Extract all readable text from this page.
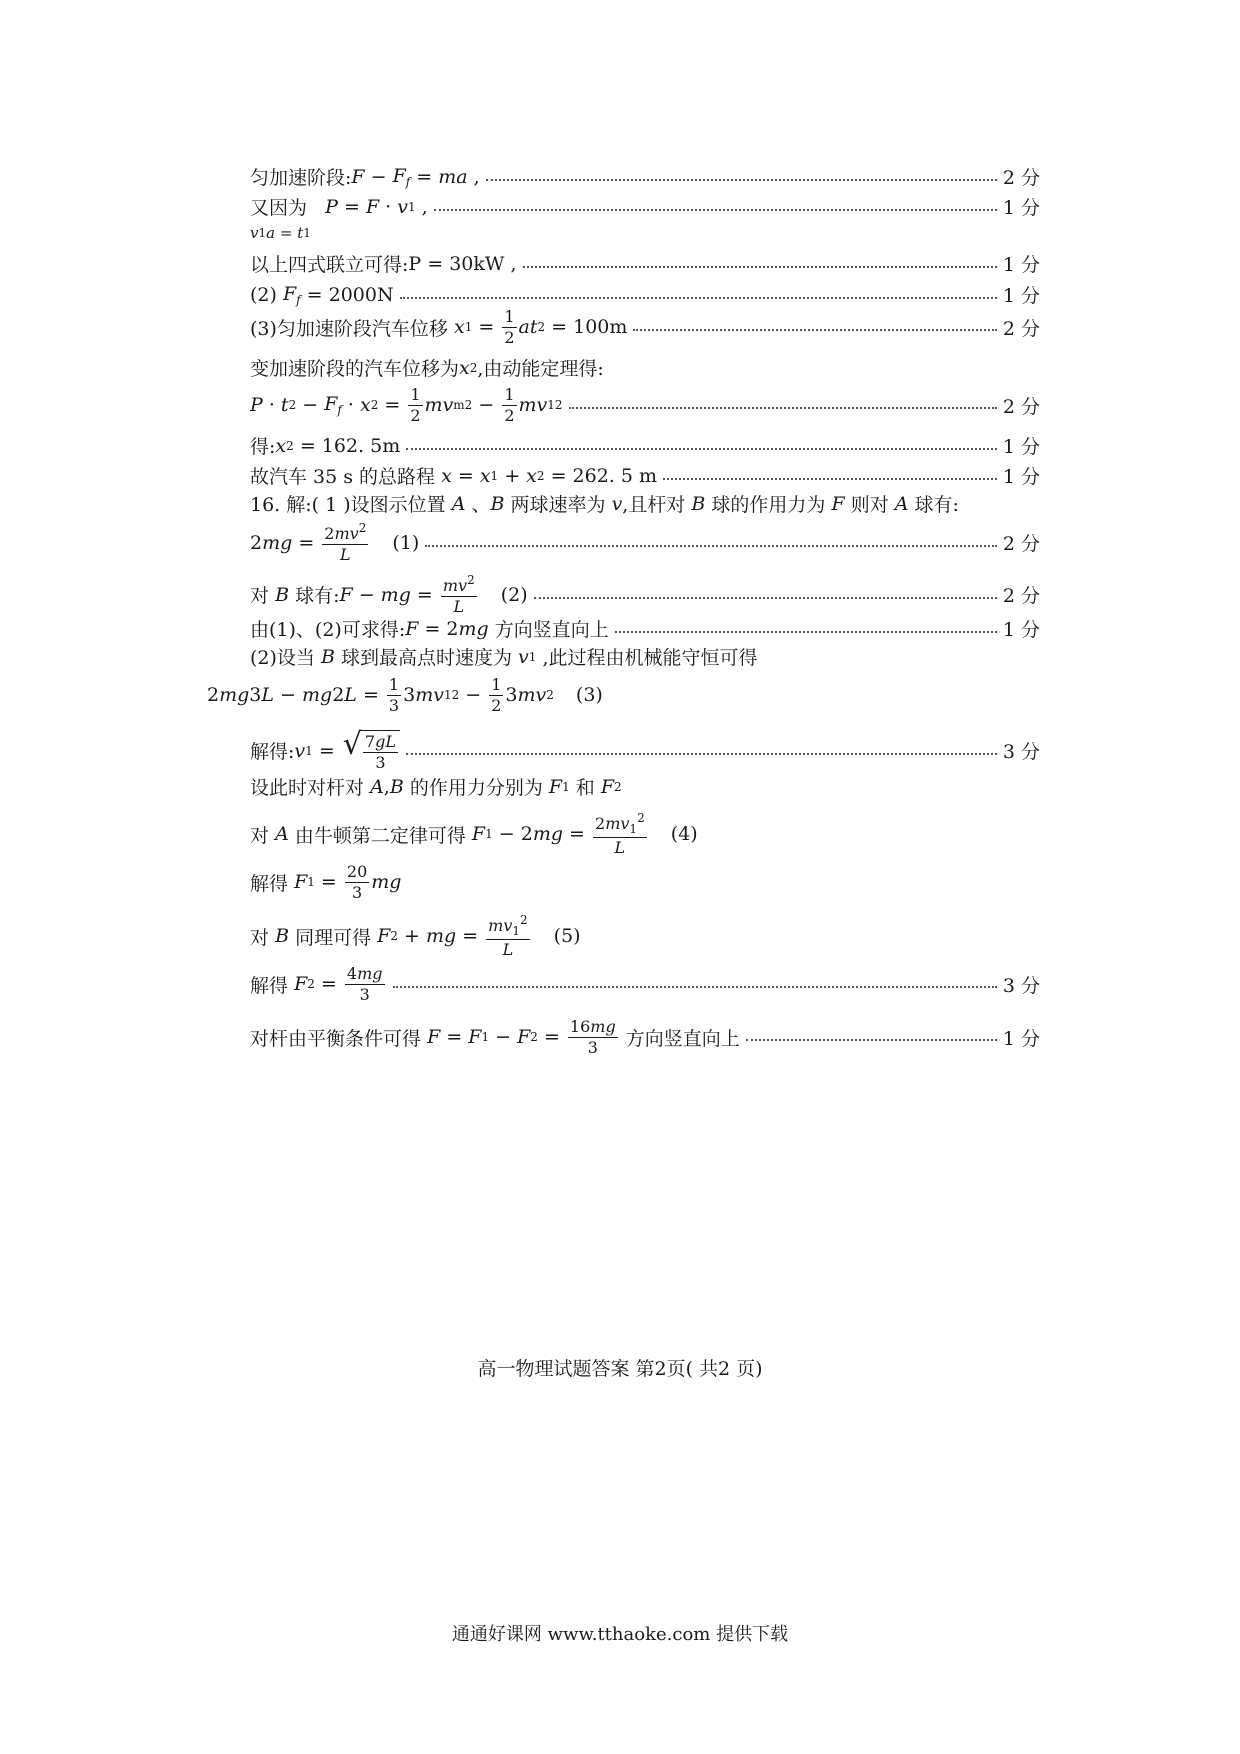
匀加速阶段: $F - F_f$ = ma ,	2 分
又因为
P = F · v 1 ,	1 分
v 1 a = t 1
以上四式联立可得: P = 30kW ,	1 分
(2)
$F_f$
= 2000N	1 分
(3)匀加速阶段汽车位移
x $1 = \frac{1}{2}$ at 2
= 100m	2 分
变加速阶段的汽车位移为 x 2 ,由动能定理得:
P · t $2 - F_f \cdot x$ $2 = \frac{1}{2}$ mv m $2 - \frac{1}{2}$ mv 1 2	2 分
得: x 2
= 162. 5m	1 分
故汽车 35 s 的总路程
x = x 1 + x 2
= 262. 5 m	1 分
16. 解:( 1 )设图示位置
A 、 B
两球速率为
v ,且杆对
B
球的作用力为
F
则对
A
球有:
2 mg = $\frac{2mv^2}{L} (1)$	2 分
对
B
球有: F − mg = $\frac{mv^2}{L} (2)$	2 分
由(1)、(2)可求得: F = 2 mg
方向竖直向上	1 分
(2)设当
B
球到最高点时速度为
v 1
,此过程由机械能守恒可得
2 mg 3 L − mg 2 $L = \frac{1}{3} 3$ mv 1 $2 - \frac{1}{2} 3$ mv 2 (3)
解得: v 1 = √ $\frac{7gL}{3}$	3 分
设此时对杆对
A , B
的作用力分别为
F 1
和
F 2
对
A
由牛顿第二定律可得
F 1 − 2 mg = $\frac{2mv_1^2}{L} (4)$
解得
F $1 = \frac{20}{3}$ mg
对
B
同理可得
F 2 + mg = $\frac{mv_1^2}{L} (5)$
解得
F $2 = \frac{4mg}{3}$	3 分
对杆由平衡条件可得
F = F 1 − F $2 = \frac{16mg}{3}$
方向竖直向上	1 分
高一物理试题答案 第2页( 共2 页)
通通好课网 www.tthaoke.com 提供下载
